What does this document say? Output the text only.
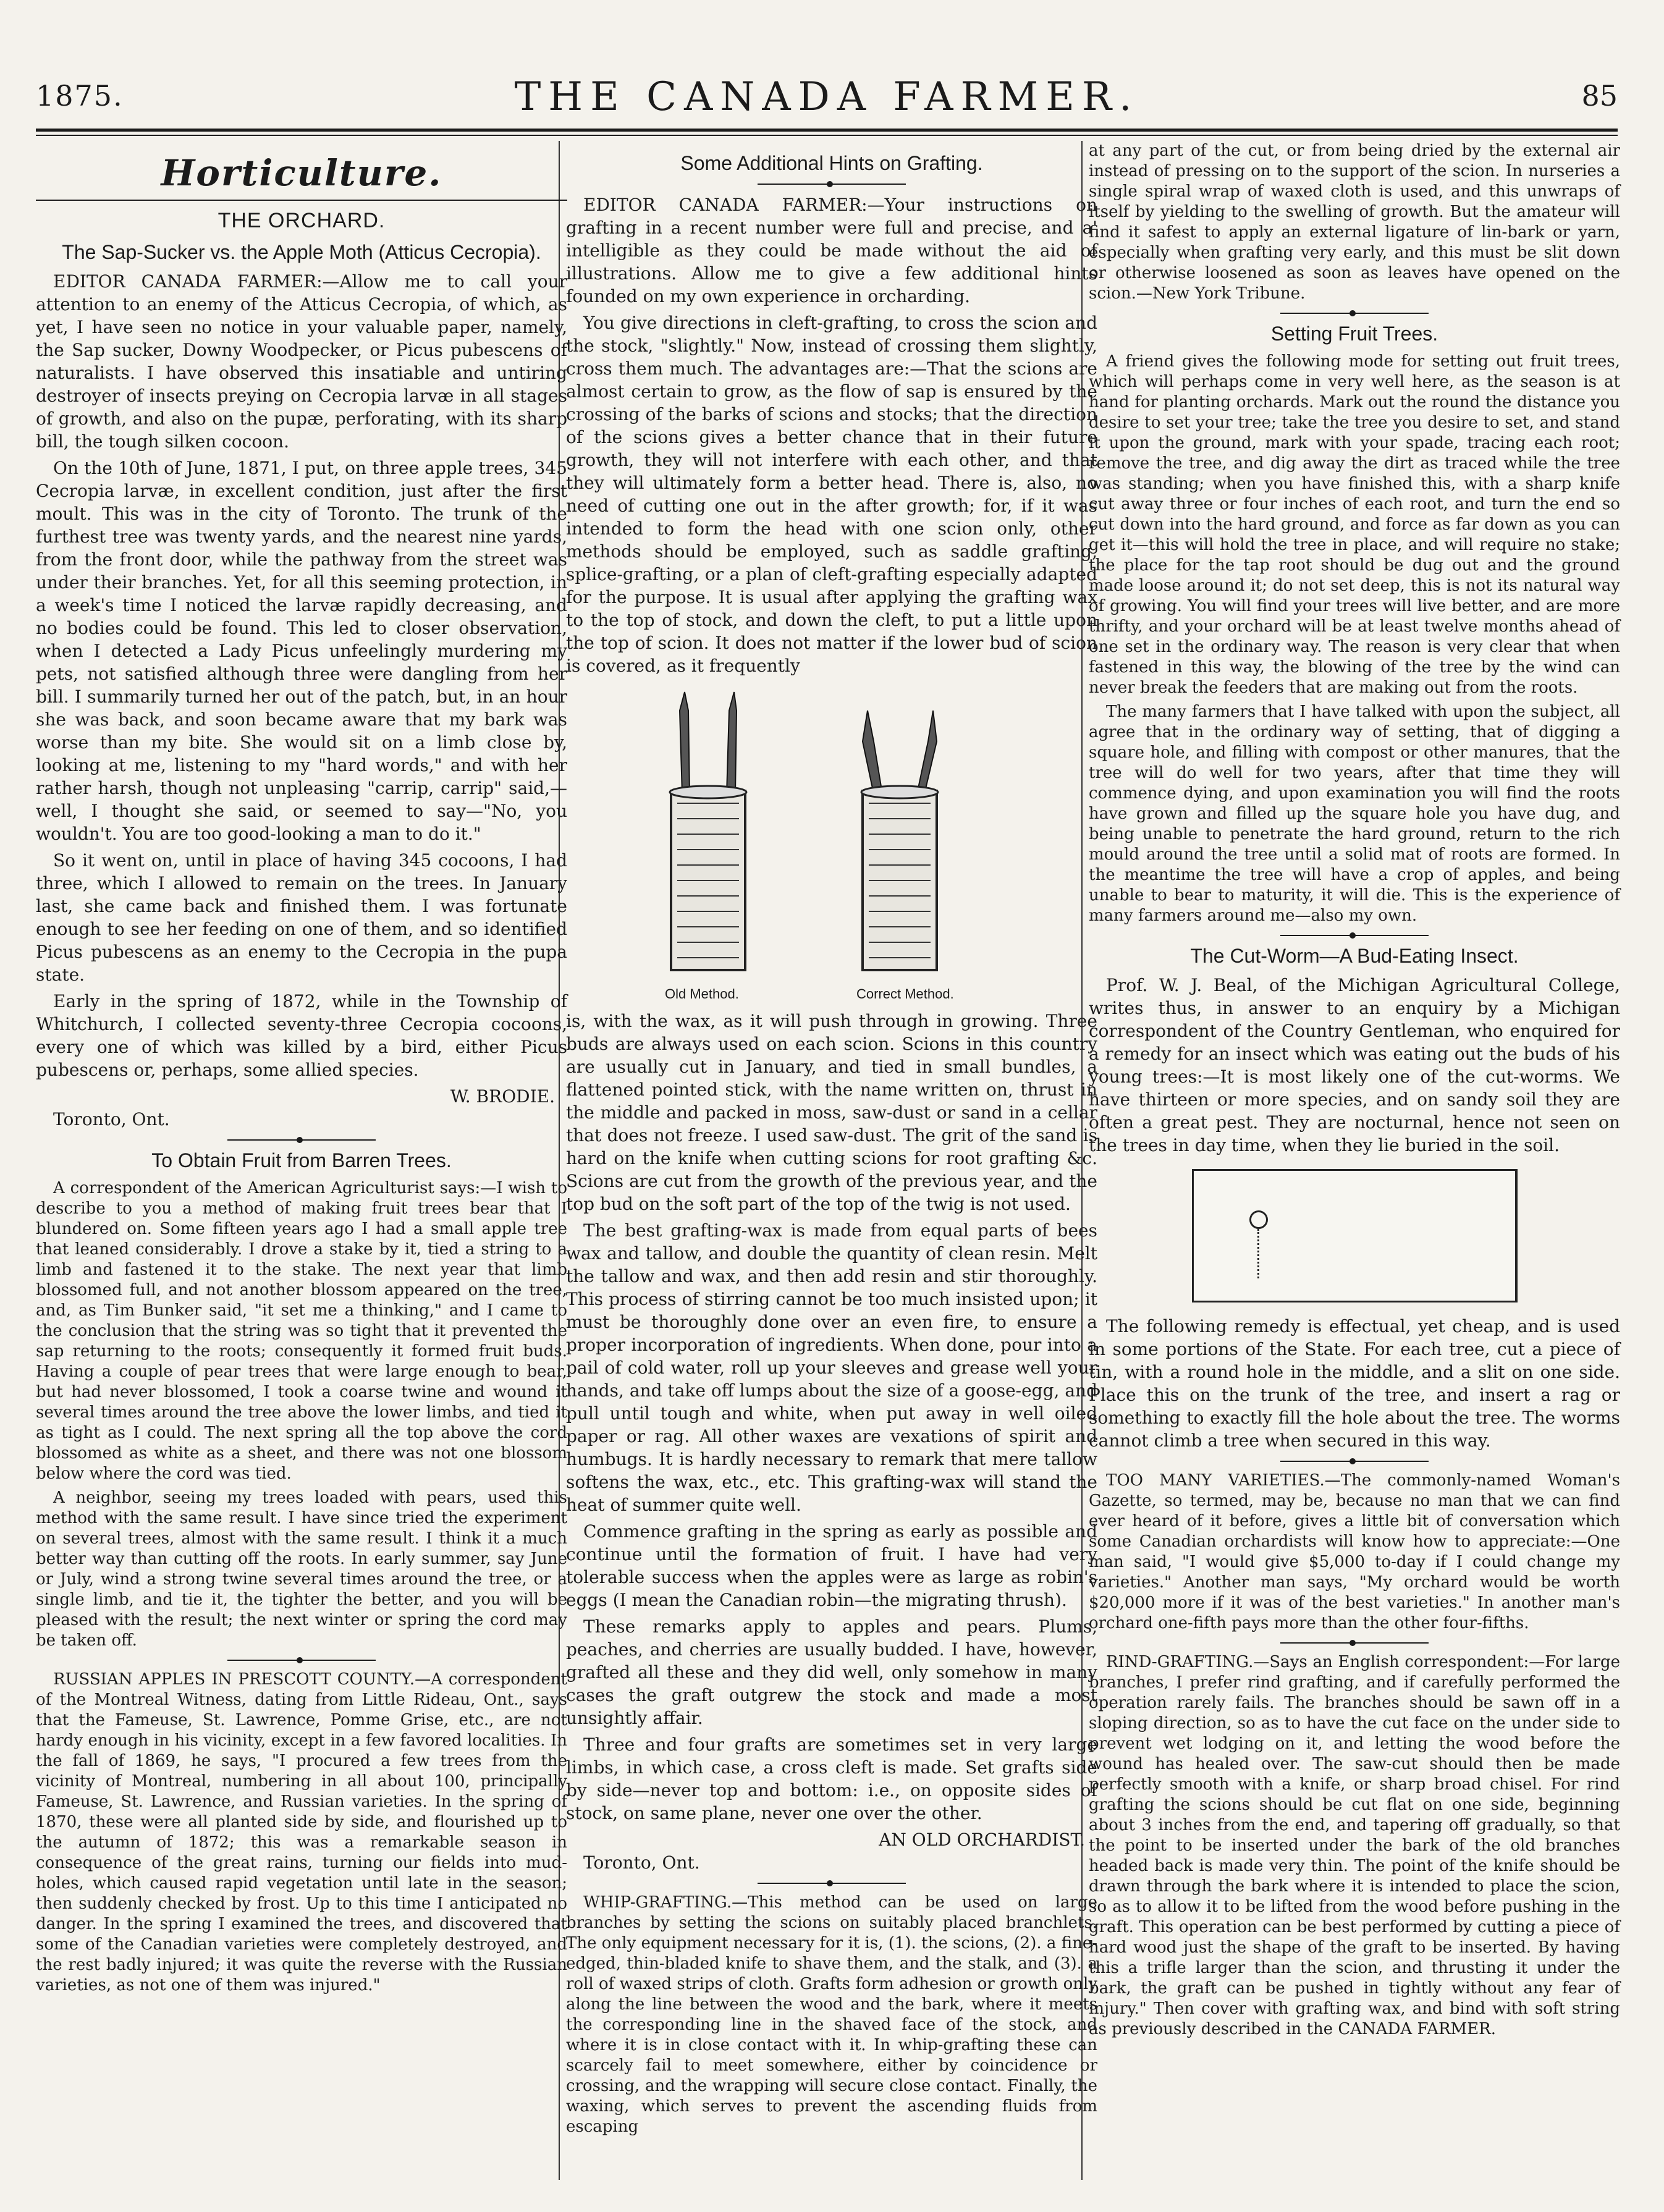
1875.	THE CANADA FARMER.	85
Horticulture.
THE ORCHARD.
The Sap-Sucker vs. the Apple Moth (Atticus Cecropia).

EDITOR CANADA FARMER:—Allow me to call your attention to an enemy of the Atticus Cecropia, of which, as yet, I have seen no notice in your valuable paper, namely, the Sap sucker, Downy Woodpecker, or Picus pubescens of naturalists. I have observed this insatiable and untiring destroyer of insects preying on Cecropia larvæ in all stages of growth, and also on the pupæ, perforating, with its sharp bill, the tough silken cocoon.

On the 10th of June, 1871, I put, on three apple trees, 345 Cecropia larvæ, in excellent condition, just after the first moult. This was in the city of Toronto. The trunk of the furthest tree was twenty yards, and the nearest nine yards, from the front door, while the pathway from the street was under their branches. Yet, for all this seeming protection, in a week's time I noticed the larvæ rapidly decreasing, and no bodies could be found. This led to closer observation, when I detected a Lady Picus unfeelingly murdering my pets, not satisfied although three were dangling from her bill. I summarily turned her out of the patch, but, in an hour she was back, and soon became aware that my bark was worse than my bite. She would sit on a limb close by, looking at me, listening to my "hard words," and with her rather harsh, though not unpleasing "carrip, carrip" said,—well, I thought she said, or seemed to say—"No, you wouldn't. You are too good-looking a man to do it."

So it went on, until in place of having 345 cocoons, I had three, which I allowed to remain on the trees. In January last, she came back and finished them. I was fortunate enough to see her feeding on one of them, and so identified Picus pubescens as an enemy to the Cecropia in the pupa state.

Early in the spring of 1872, while in the Township of Whitchurch, I collected seventy-three Cecropia cocoons, every one of which was killed by a bird, either Picus pubescens or, perhaps, some allied species.

W. BRODIE.
Toronto, Ont.
To Obtain Fruit from Barren Trees.

A correspondent of the American Agriculturist says:—I wish to describe to you a method of making fruit trees bear that I blundered on. Some fifteen years ago I had a small apple tree that leaned considerably. I drove a stake by it, tied a string to a limb and fastened it to the stake. The next year that limb blossomed full, and not another blossom appeared on the tree, and, as Tim Bunker said, "it set me a thinking," and I came to the conclusion that the string was so tight that it prevented the sap returning to the roots; consequently it formed fruit buds. Having a couple of pear trees that were large enough to bear, but had never blossomed, I took a coarse twine and wound it several times around the tree above the lower limbs, and tied it as tight as I could. The next spring all the top above the cord blossomed as white as a sheet, and there was not one blossom below where the cord was tied.

A neighbor, seeing my trees loaded with pears, used this method with the same result. I have since tried the experiment on several trees, almost with the same result. I think it a much better way than cutting off the roots. In early summer, say June or July, wind a strong twine several times around the tree, or a single limb, and tie it, the tighter the better, and you will be pleased with the result; the next winter or spring the cord may be taken off.

RUSSIAN APPLES IN PRESCOTT COUNTY.—A correspondent of the Montreal Witness, dating from Little Rideau, Ont., says that the Fameuse, St. Lawrence, Pomme Grise, etc., are not hardy enough in his vicinity, except in a few favored localities. In the fall of 1869, he says, "I procured a few trees from the vicinity of Montreal, numbering in all about 100, principally Fameuse, St. Lawrence, and Russian varieties. In the spring of 1870, these were all planted side by side, and flourished up to the autumn of 1872; this was a remarkable season in consequence of the great rains, turning our fields into mud-holes, which caused rapid vegetation until late in the season; then suddenly checked by frost. Up to this time I anticipated no danger. In the spring I examined the trees, and discovered that some of the Canadian varieties were completely destroyed, and the rest badly injured; it was quite the reverse with the Russian varieties, as not one of them was injured."

Some Additional Hints on Grafting.

EDITOR CANADA FARMER:—Your instructions on grafting in a recent number were full and precise, and a' intelligible as they could be made without the aid of illustrations. Allow me to give a few additional hints founded on my own experience in orcharding.

You give directions in cleft-grafting, to cross the scion and the stock, "slightly." Now, instead of crossing them slightly, cross them much. The advantages are:—That the scions are almost certain to grow, as the flow of sap is ensured by the crossing of the barks of scions and stocks; that the direction of the scions gives a better chance that in their future growth, they will not interfere with each other, and that they will ultimately form a better head. There is, also, no need of cutting one out in the after growth; for, if it was intended to form the head with one scion only, other methods should be employed, such as saddle grafting, splice-grafting, or a plan of cleft-grafting especially adapted for the purpose. It is usual after applying the grafting wax to the top of stock, and down the cleft, to put a little upon the top of scion. It does not matter if the lower bud of scion is covered, as it frequently

Old Method.	Correct Method.

is, with the wax, as it will push through in growing. Three buds are always used on each scion. Scions in this country are usually cut in January, and tied in small bundles, a flattened pointed stick, with the name written on, thrust in the middle and packed in moss, saw-dust or sand in a cellar that does not freeze. I used saw-dust. The grit of the sand is hard on the knife when cutting scions for root grafting &c. Scions are cut from the growth of the previous year, and the top bud on the soft part of the top of the twig is not used.

The best grafting-wax is made from equal parts of bees wax and tallow, and double the quantity of clean resin. Melt the tallow and wax, and then add resin and stir thoroughly. This process of stirring cannot be too much insisted upon; it must be thoroughly done over an even fire, to ensure a proper incorporation of ingredients. When done, pour into a pail of cold water, roll up your sleeves and grease well your hands, and take off lumps about the size of a goose-egg, and pull until tough and white, when put away in well oiled paper or rag. All other waxes are vexations of spirit and humbugs. It is hardly necessary to remark that mere tallow softens the wax, etc., etc. This grafting-wax will stand the heat of summer quite well.

Commence grafting in the spring as early as possible and continue until the formation of fruit. I have had very tolerable success when the apples were as large as robin's eggs (I mean the Canadian robin—the migrating thrush).

These remarks apply to apples and pears. Plums, peaches, and cherries are usually budded. I have, however, grafted all these and they did well, only somehow in many cases the graft outgrew the stock and made a most unsightly affair.

Three and four grafts are sometimes set in very large limbs, in which case, a cross cleft is made. Set grafts side by side—never top and bottom: i.e., on opposite sides of stock, on same plane, never one over the other.

AN OLD ORCHARDIST.
Toronto, Ont.

WHIP-GRAFTING.—This method can be used on large branches by setting the scions on suitably placed branchlets. The only equipment necessary for it is, (1). the scions, (2). a fine-edged, thin-bladed knife to shave them, and the stalk, and (3). a roll of waxed strips of cloth. Grafts form adhesion or growth only along the line between the wood and the bark, where it meets the corresponding line in the shaved face of the stock, and where it is in close contact with it. In whip-grafting these can scarcely fail to meet somewhere, either by coincidence or crossing, and the wrapping will secure close contact. Finally, the waxing, which serves to prevent the ascending fluids from escaping

at any part of the cut, or from being dried by the external air instead of pressing on to the support of the scion. In nurseries a single spiral wrap of waxed cloth is used, and this unwraps of itself by yielding to the swelling of growth. But the amateur will find it safest to apply an external ligature of lin-bark or yarn, especially when grafting very early, and this must be slit down or otherwise loosened as soon as leaves have opened on the scion.—New York Tribune.

Setting Fruit Trees.

A friend gives the following mode for setting out fruit trees, which will perhaps come in very well here, as the season is at hand for planting orchards. Mark out the round the distance you desire to set your tree; take the tree you desire to set, and stand it upon the ground, mark with your spade, tracing each root; remove the tree, and dig away the dirt as traced while the tree was standing; when you have finished this, with a sharp knife cut away three or four inches of each root, and turn the end so cut down into the hard ground, and force as far down as you can get it—this will hold the tree in place, and will require no stake; the place for the tap root should be dug out and the ground made loose around it; do not set deep, this is not its natural way of growing. You will find your trees will live better, and are more thrifty, and your orchard will be at least twelve months ahead of one set in the ordinary way. The reason is very clear that when fastened in this way, the blowing of the tree by the wind can never break the feeders that are making out from the roots.

The many farmers that I have talked with upon the subject, all agree that in the ordinary way of setting, that of digging a square hole, and filling with compost or other manures, that the tree will do well for two years, after that time they will commence dying, and upon examination you will find the roots have grown and filled up the square hole you have dug, and being unable to penetrate the hard ground, return to the rich mould around the tree until a solid mat of roots are formed. In the meantime the tree will have a crop of apples, and being unable to bear to maturity, it will die. This is the experience of many farmers around me—also my own.

The Cut-Worm—A Bud-Eating Insect.

Prof. W. J. Beal, of the Michigan Agricultural College, writes thus, in answer to an enquiry by a Michigan correspondent of the Country Gentleman, who enquired for a remedy for an insect which was eating out the buds of his young trees:—It is most likely one of the cut-worms. We have thirteen or more species, and on sandy soil they are often a great pest. They are nocturnal, hence not seen on the trees in day time, when they lie buried in the soil.

The following remedy is effectual, yet cheap, and is used in some portions of the State. For each tree, cut a piece of tin, with a round hole in the middle, and a slit on one side. Place this on the trunk of the tree, and insert a rag or something to exactly fill the hole about the tree. The worms cannot climb a tree when secured in this way.

TOO MANY VARIETIES.—The commonly-named Woman's Gazette, so termed, may be, because no man that we can find ever heard of it before, gives a little bit of conversation which some Canadian orchardists will know how to appreciate:—One man said, "I would give $5,000 to-day if I could change my varieties." Another man says, "My orchard would be worth $20,000 more if it was of the best varieties." In another man's orchard one-fifth pays more than the other four-fifths.

RIND-GRAFTING.—Says an English correspondent:—For large branches, I prefer rind grafting, and if carefully performed the operation rarely fails. The branches should be sawn off in a sloping direction, so as to have the cut face on the under side to prevent wet lodging on it, and letting the wood before the wound has healed over. The saw-cut should then be made perfectly smooth with a knife, or sharp broad chisel. For rind grafting the scions should be cut flat on one side, beginning about 3 inches from the end, and tapering off gradually, so that the point to be inserted under the bark of the old branches headed back is made very thin. The point of the knife should be drawn through the bark where it is intended to place the scion, so as to allow it to be lifted from the wood before pushing in the graft. This operation can be best performed by cutting a piece of hard wood just the shape of the graft to be inserted. By having this a trifle larger than the scion, and thrusting it under the bark, the graft can be pushed in tightly without any fear of injury." Then cover with grafting wax, and bind with soft string as previously described in the CANADA FARMER.
